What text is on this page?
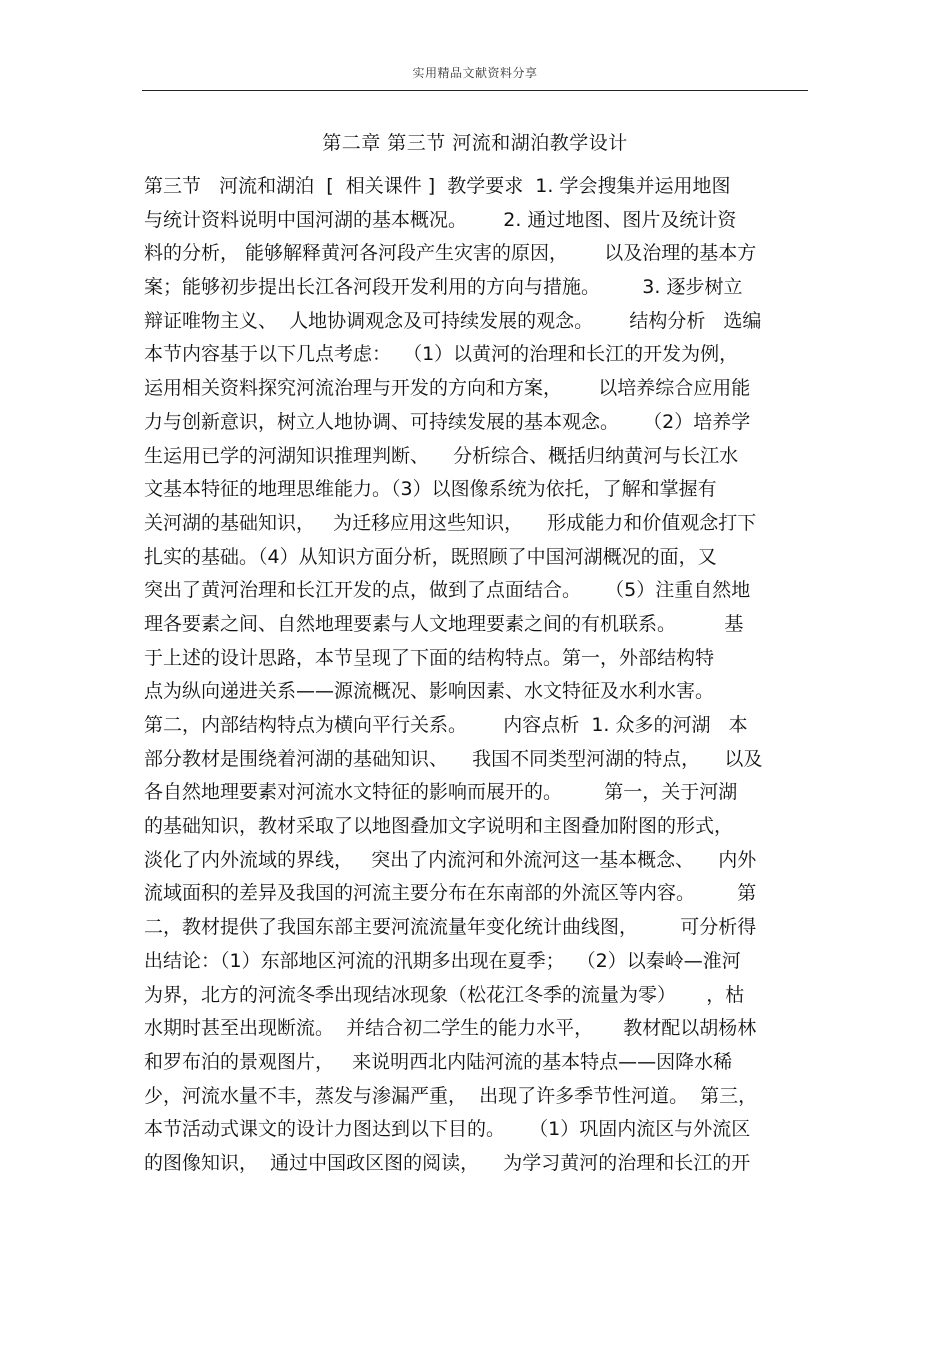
实用精品文献资料分享
第二章 第三节 河流和湖泊教学设计
第三节   河流和湖泊  [  相关课件 ]  教学要求  1. 学会搜集并运用地图
与统计资料说明中国河湖的基本概况。      2. 通过地图、图片及统计资
料的分析， 能够解释黄河各河段产生灾害的原因，      以及治理的基本方
案；能够初步提出长江各河段开发利用的方向与措施。       3. 逐步树立
辩证唯物主义、  人地协调观念及可持续发展的观念。      结构分析   选编
本节内容基于以下几点考虑：  （1）以黄河的治理和长江的开发为例，
运用相关资料探究河流治理与开发的方向和方案，      以培养综合应用能
力与创新意识，树立人地协调、可持续发展的基本观念。    （2）培养学
生运用已学的河湖知识推理判断、    分析综合、概括归纳黄河与长江水
文基本特征的地理思维能力。（3）以图像系统为依托，了解和掌握有
关河湖的基础知识，   为迁移应用这些知识，    形成能力和价值观念打下
扎实的基础。（4）从知识方面分析，既照顾了中国河湖概况的面，又
突出了黄河治理和长江开发的点，做到了点面结合。    （5）注重自然地
理各要素之间、自然地理要素与人文地理要素之间的有机联系。        基
于上述的设计思路，本节呈现了下面的结构特点。第一，外部结构特
点为纵向递进关系——源流概况、影响因素、水文特征及水利水害。
第二，内部结构特点为横向平行关系。      内容点析  1. 众多的河湖   本
部分教材是围绕着河湖的基础知识、    我国不同类型河湖的特点，    以及
各自然地理要素对河流水文特征的影响而展开的。       第一，关于河湖
的基础知识，教材采取了以地图叠加文字说明和主图叠加附图的形式，
淡化了内外流域的界线，   突出了内流河和外流河这一基本概念、    内外
流域面积的差异及我国的河流主要分布在东南部的外流区等内容。       第
二，教材提供了我国东部主要河流流量年变化统计曲线图，       可分析得
出结论：（1）东部地区河流的汛期多出现在夏季；  （2）以秦岭—淮河
为界，北方的河流冬季出现结冰现象（松花江冬季的流量为零）     ，枯
水期时甚至出现断流。  并结合初二学生的能力水平，     教材配以胡杨林
和罗布泊的景观图片，   来说明西北内陆河流的基本特点——因降水稀
少，河流水量不丰，蒸发与渗漏严重，  出现了许多季节性河道。  第三，
本节活动式课文的设计力图达到以下目的。    （1）巩固内流区与外流区
的图像知识，  通过中国政区图的阅读，    为学习黄河的治理和长江的开
